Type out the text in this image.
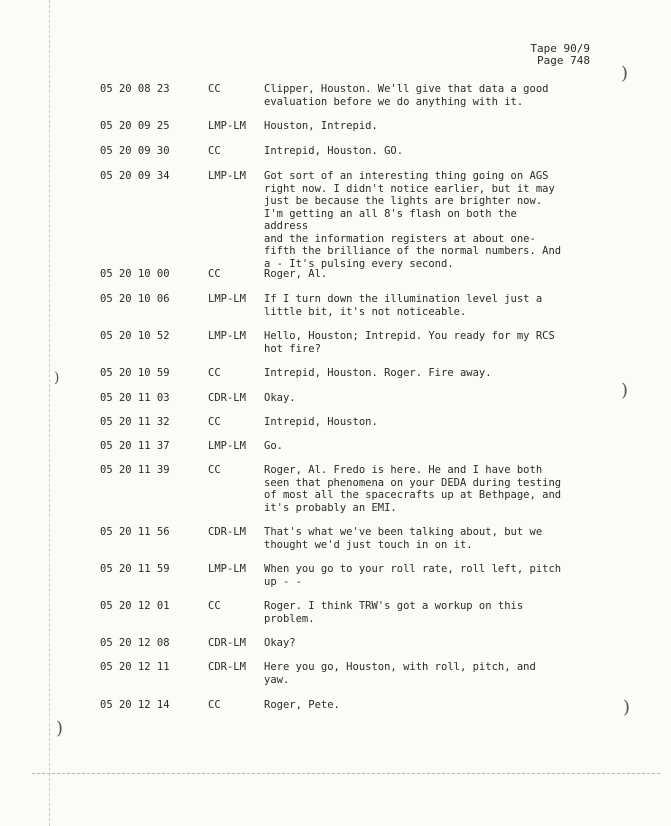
Tape 90/9
Page 748
05 20 08 23	CC	Clipper, Houston. We'll give that data a good
evaluation before we do anything with it.
05 20 09 25	LMP-LM Houston, Intrepid.
05 20 09 30	CC	Intrepid, Houston. GO.
05 20 09 34	LMP-LM Got sort of an interesting thing going on AGS
right now. I didn't notice earlier, but it may
just be because the lights are brighter now.
I'm getting an all 8's flash on both the address
and the information registers at about one-
fifth the brilliance of the normal numbers. And
a - It's pulsing every second.
05 20 10 00	CC	Roger, Al.
05 20 10 06	LMP-LM If I turn down the illumination level just a
little bit, it's not noticeable.
05 20 10 52	LMP-LM Hello, Houston; Intrepid. You ready for my RCS
hot fire?
05 20 10 59	CC	Intrepid, Houston. Roger. Fire away.
05 20 11 03	CDR-LM Okay.
05 20 11 32	CC	Intrepid, Houston.
05 20 11 37	LMP-LM Go.
05 20 11 39	CC	Roger, Al. Fredo is here. He and I have both
seen that phenomena on your DEDA during testing
of most all the spacecrafts up at Bethpage, and
it's probably an EMI.
05 20 11 56	CDR-LM That's what we've been talking about, but we
thought we'd just touch in on it.
05 20 11 59	LMP-LM When you go to your roll rate, roll left, pitch
up - -
05 20 12 01	CC	Roger. I think TRW's got a workup on this
problem.
05 20 12 08	CDR-LM Okay?
05 20 12 11	CDR-LM Here you go, Houston, with roll, pitch, and
yaw.
05 20 12 14	CC	Roger, Pete.
)
)
)
)
)
